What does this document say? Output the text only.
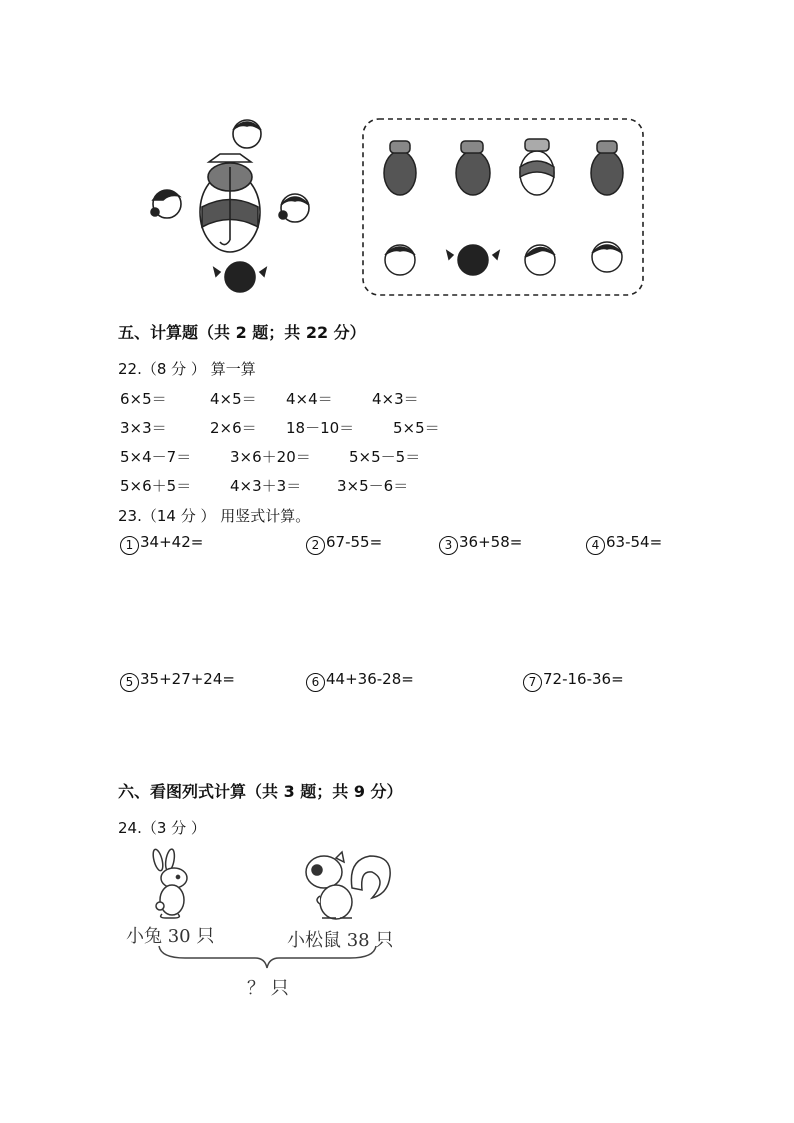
五、计算题（共 2 题；共 22 分）
22.（8 分 ） 算一算
6×5＝	4×5＝ 4×4＝	4×3＝
3×3＝	2×6＝ 18－10＝	5×5＝
5×4－7＝	3×6＋20＝	5×5－5＝
5×6＋5＝	4×3＋3＝ 3×5－6＝
23.（14 分 ） 用竖式计算。
1 34+42=	2 67-55=	3 36+58=	4 63-54=
5 35+27+24=	6 44+36-28=	7 72-16-36=
六、看图列式计算（共 3 题；共 9 分）
24.（3 分 ）
小兔 30 只	小松鼠 38 只
？ 只
